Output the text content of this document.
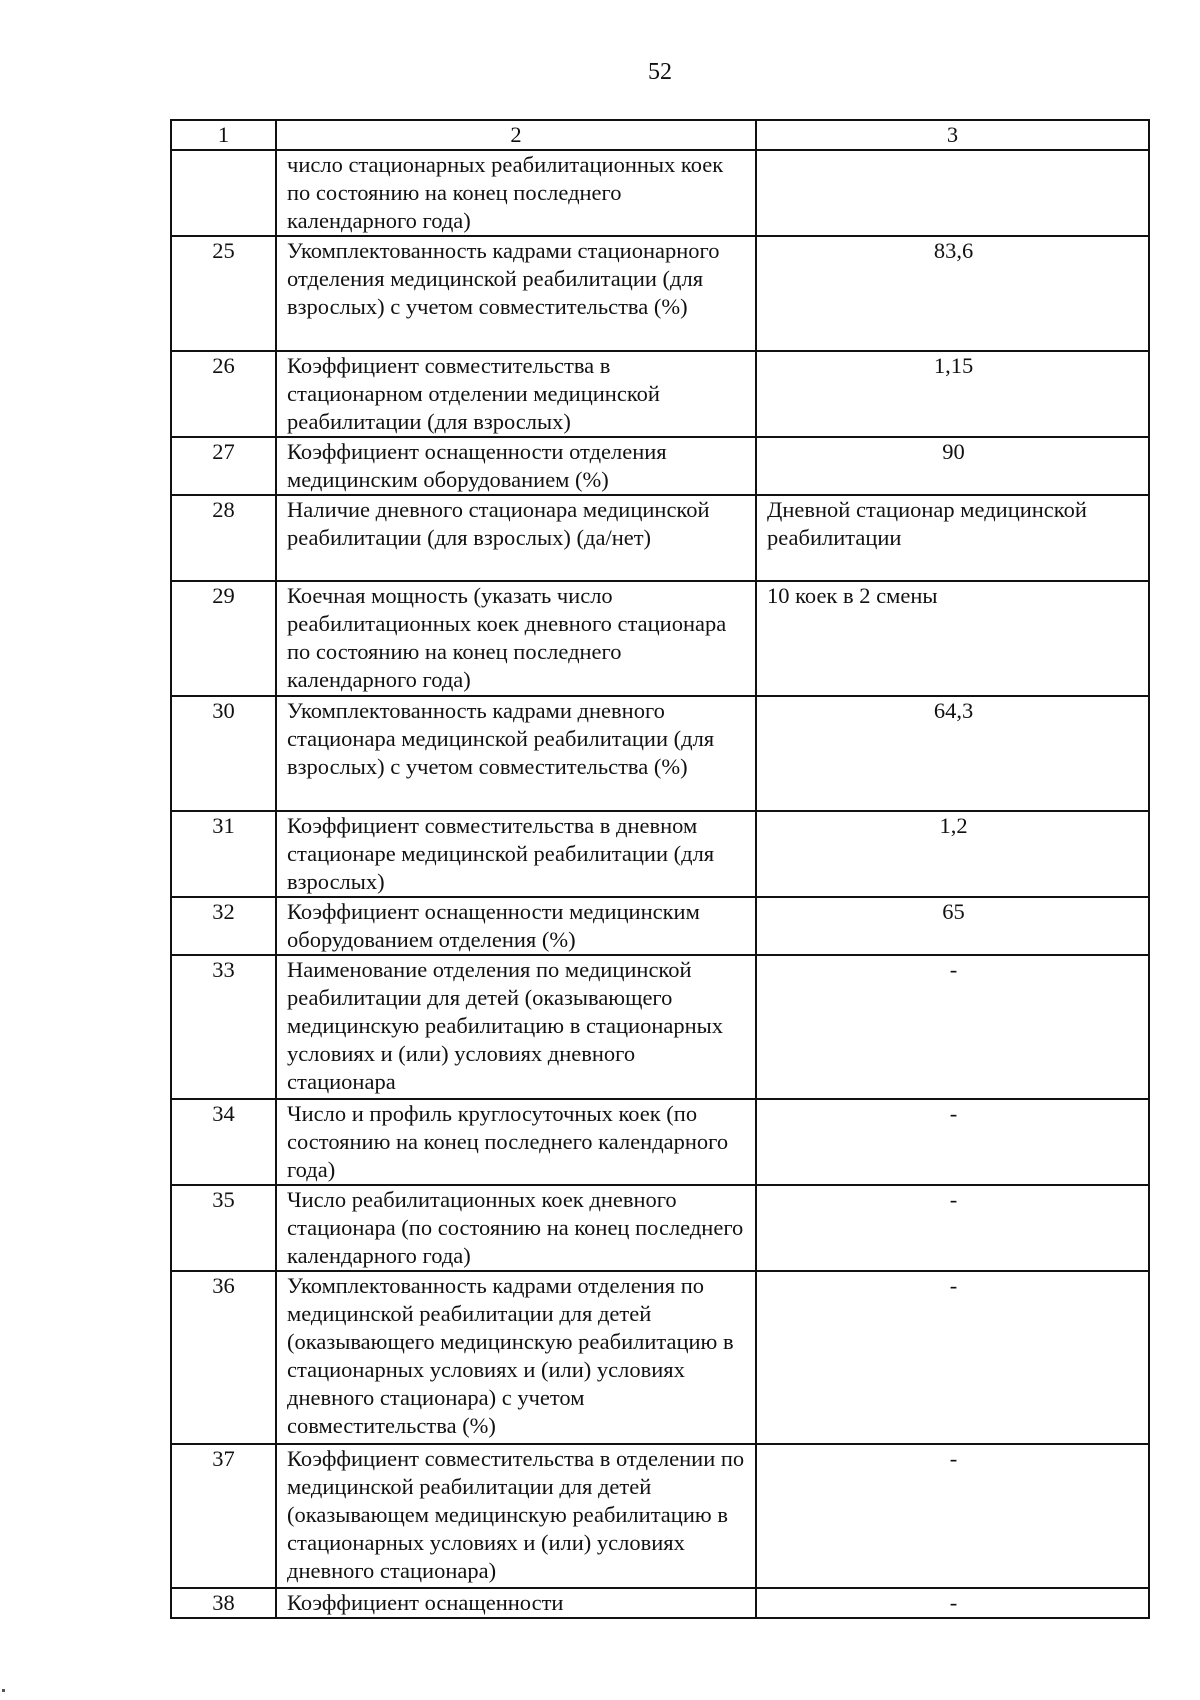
52
1	2	3
	число стационарных реабилитационных коек по состоянию на конец последнего календарного года)	
25	Укомплектованность кадрами стационарного отделения медицинской реабилитации (для взрослых) с учетом совместительства (%)	83,6
26	Коэффициент совместительства в стационарном отделении медицинской реабилитации (для взрослых)	1,15
27	Коэффициент оснащенности отделения медицинским оборудованием (%)	90
28	Наличие дневного стационара медицинской реабилитации (для взрослых) (да/нет)	Дневной стационар медицинской реабилитации
29	Коечная мощность (указать число реабилитационных коек дневного стационара по состоянию на конец последнего календарного года)	10 коек в 2 смены
30	Укомплектованность кадрами дневного стационара медицинской реабилитации (для взрослых) с учетом совместительства (%)	64,3
31	Коэффициент совместительства в дневном стационаре медицинской реабилитации (для взрослых)	1,2
32	Коэффициент оснащенности медицинским оборудованием отделения (%)	65
33	Наименование отделения по медицинской реабилитации для детей (оказывающего медицинскую реабилитацию в стационарных условиях и (или) условиях дневного стационара	-
34	Число и профиль круглосуточных коек (по состоянию на конец последнего календарного года)	-
35	Число реабилитационных коек дневного стационара (по состоянию на конец последнего календарного года)	-
36	Укомплектованность кадрами отделения по медицинской реабилитации для детей (оказывающего медицинскую реабилитацию в стационарных условиях и (или) условиях дневного стационара) с учетом совместительства (%)	-
37	Коэффициент совместительства в отделении по медицинской реабилитации для детей (оказывающем медицинскую реабилитацию в стационарных условиях и (или) условиях дневного стационара)	-
38	Коэффициент оснащенности	-
